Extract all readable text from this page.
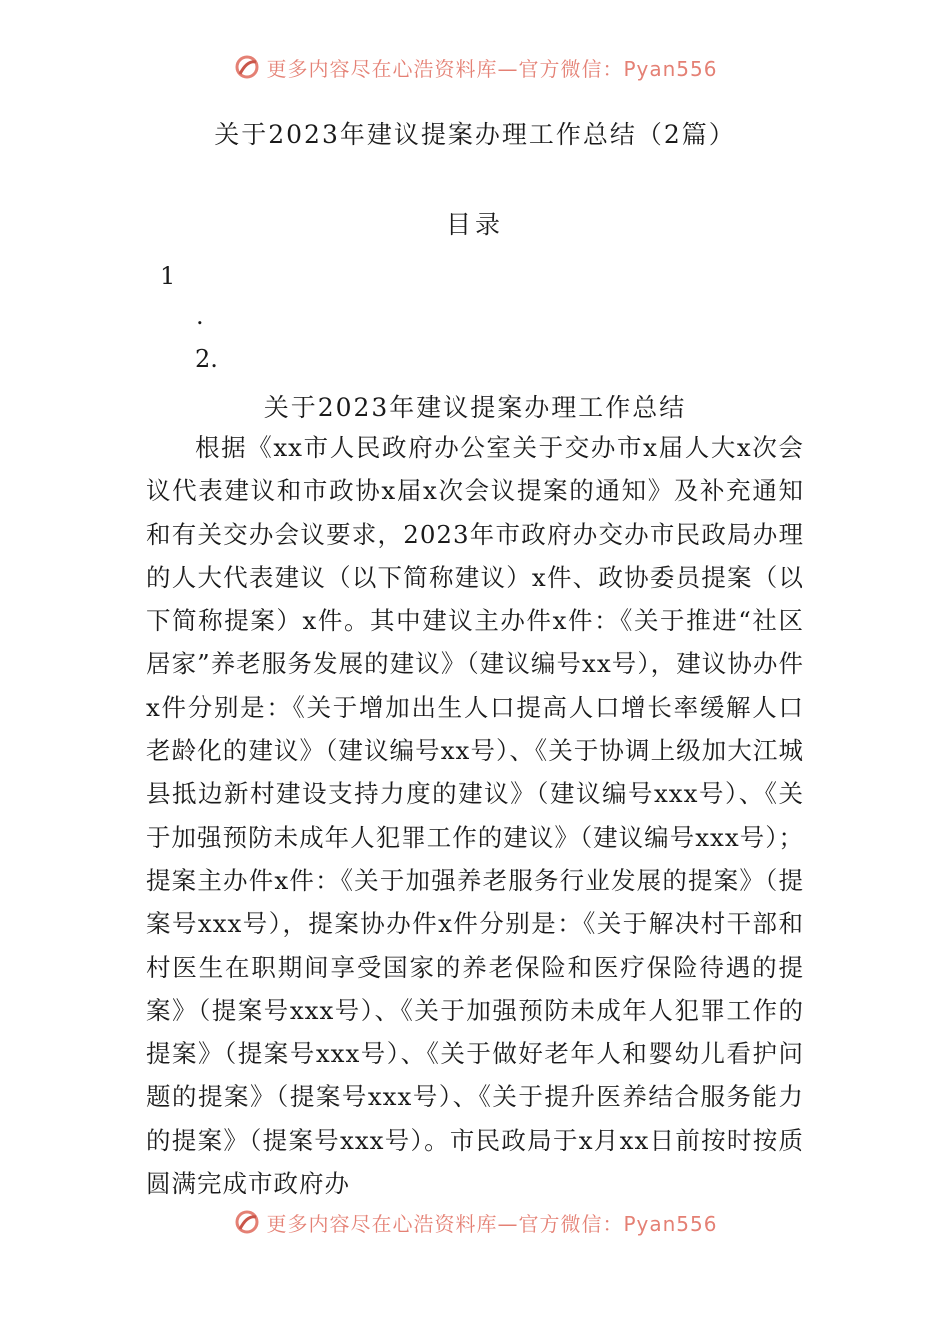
更多内容尽在心浩资料库—官方微信：Pyan556
关于2023年建议提案办理工作总结（2篇）
目录
1
.
2.
关于2023年建议提案办理工作总结

根据《xx市人民政府办公室关于交办市x届人大x次会议代表建议和市政协x届x次会议提案的通知》及补充通知和有关交办会议要求，2023年市政府办交办市民政局办理的人大代表建议（以下简称建议）x件、政协委员提案（以下简称提案）x件。其中建议主办件x件：《关于推进“社区居家”养老服务发展的建议》（建议编号xx号），建议协办件x件分别是：《关于增加出生人口提高人口增长率缓解人口老龄化的建议》（建议编号xx号）、《关于协调上级加大江城县抵边新村建设支持力度的建议》（建议编号xxx号）、《关于加强预防未成年人犯罪工作的建议》（建议编号xxx号）；提案主办件x件：《关于加强养老服务行业发展的提案》（提案号xxx号），提案协办件x件分别是：《关于解决村干部和村医生在职期间享受国家的养老保险和医疗保险待遇的提案》（提案号xxx号）、《关于加强预防未成年人犯罪工作的提案》（提案号xxx号）、《关于做好老年人和婴幼儿看护问题的提案》（提案号xxx号）、《关于提升医养结合服务能力的提案》（提案号xxx号）。市民政局于x月xx日前按时按质圆满完成市政府办

更多内容尽在心浩资料库—官方微信：Pyan556
